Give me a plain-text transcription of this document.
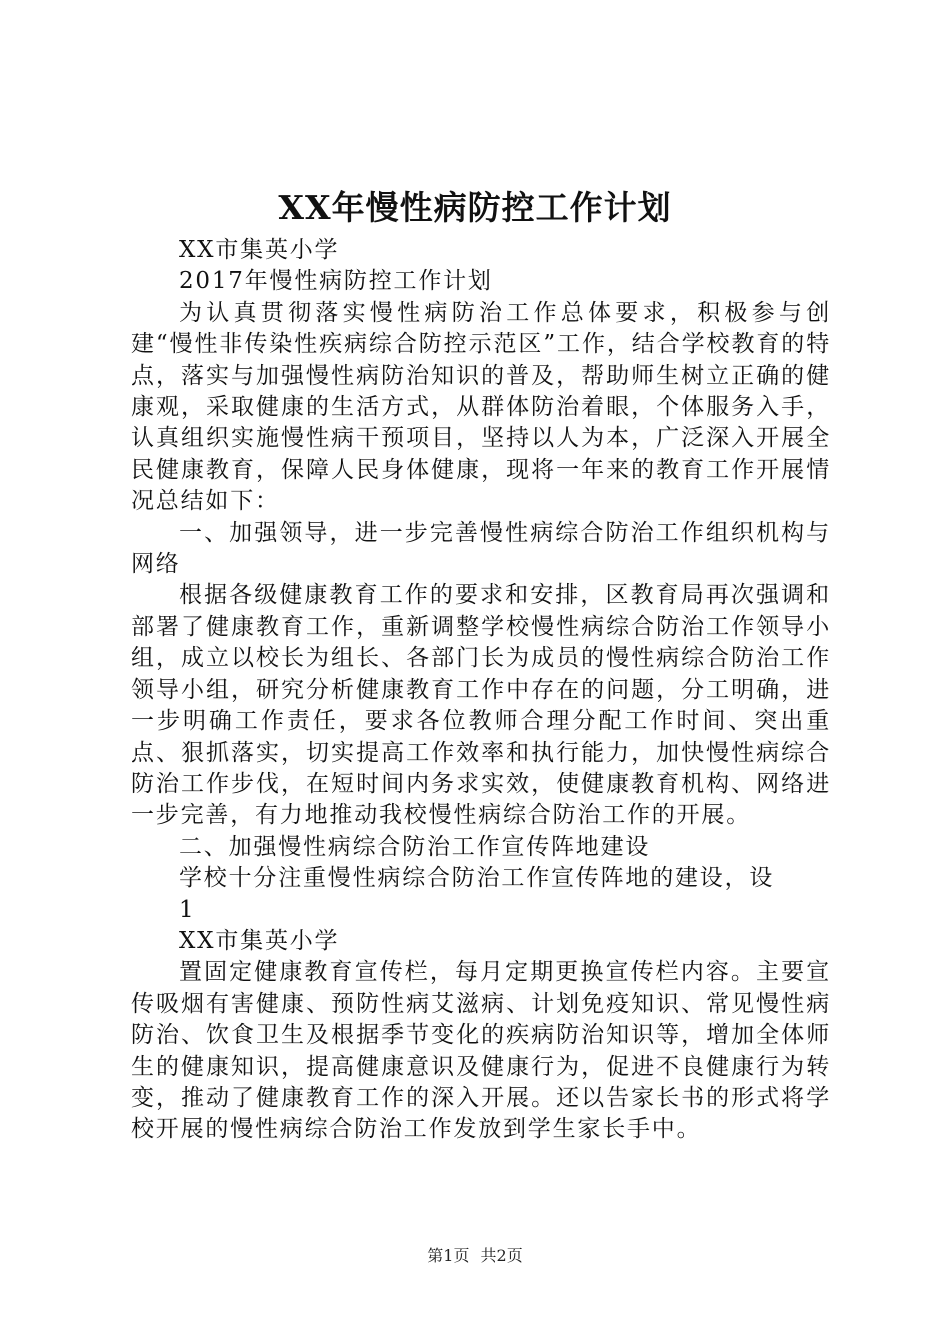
XX年慢性病防控工作计划

XX市集英小学

2017年慢性病防控工作计划

为认真贯彻落实慢性病防治工作总体要求，积极参与创建“慢性非传染性疾病综合防控示范区”工作，结合学校教育的特点，落实与加强慢性病防治知识的普及，帮助师生树立正确的健康观，采取健康的生活方式，从群体防治着眼，个体服务入手，认真组织实施慢性病干预项目，坚持以人为本，广泛深入开展全民健康教育，保障人民身体健康，现将一年来的教育工作开展情况总结如下：

一、加强领导，进一步完善慢性病综合防治工作组织机构与网络

根据各级健康教育工作的要求和安排，区教育局再次强调和部署了健康教育工作，重新调整学校慢性病综合防治工作领导小组，成立以校长为组长、各部门长为成员的慢性病综合防治工作领导小组，研究分析健康教育工作中存在的问题，分工明确，进一步明确工作责任，要求各位教师合理分配工作时间、突出重点、狠抓落实，切实提高工作效率和执行能力，加快慢性病综合防治工作步伐，在短时间内务求实效，使健康教育机构、网络进一步完善，有力地推动我校慢性病综合防治工作的开展。

二、加强慢性病综合防治工作宣传阵地建设

学校十分注重慢性病综合防治工作宣传阵地的建设，设

1

XX市集英小学

置固定健康教育宣传栏，每月定期更换宣传栏内容。主要宣传吸烟有害健康、预防性病艾滋病、计划免疫知识、常见慢性病防治、饮食卫生及根据季节变化的疾病防治知识等，增加全体师生的健康知识，提高健康意识及健康行为，促进不良健康行为转变，推动了健康教育工作的深入开展。还以告家长书的形式将学校开展的慢性病综合防治工作发放到学生家长手中。

第1页 共2页
